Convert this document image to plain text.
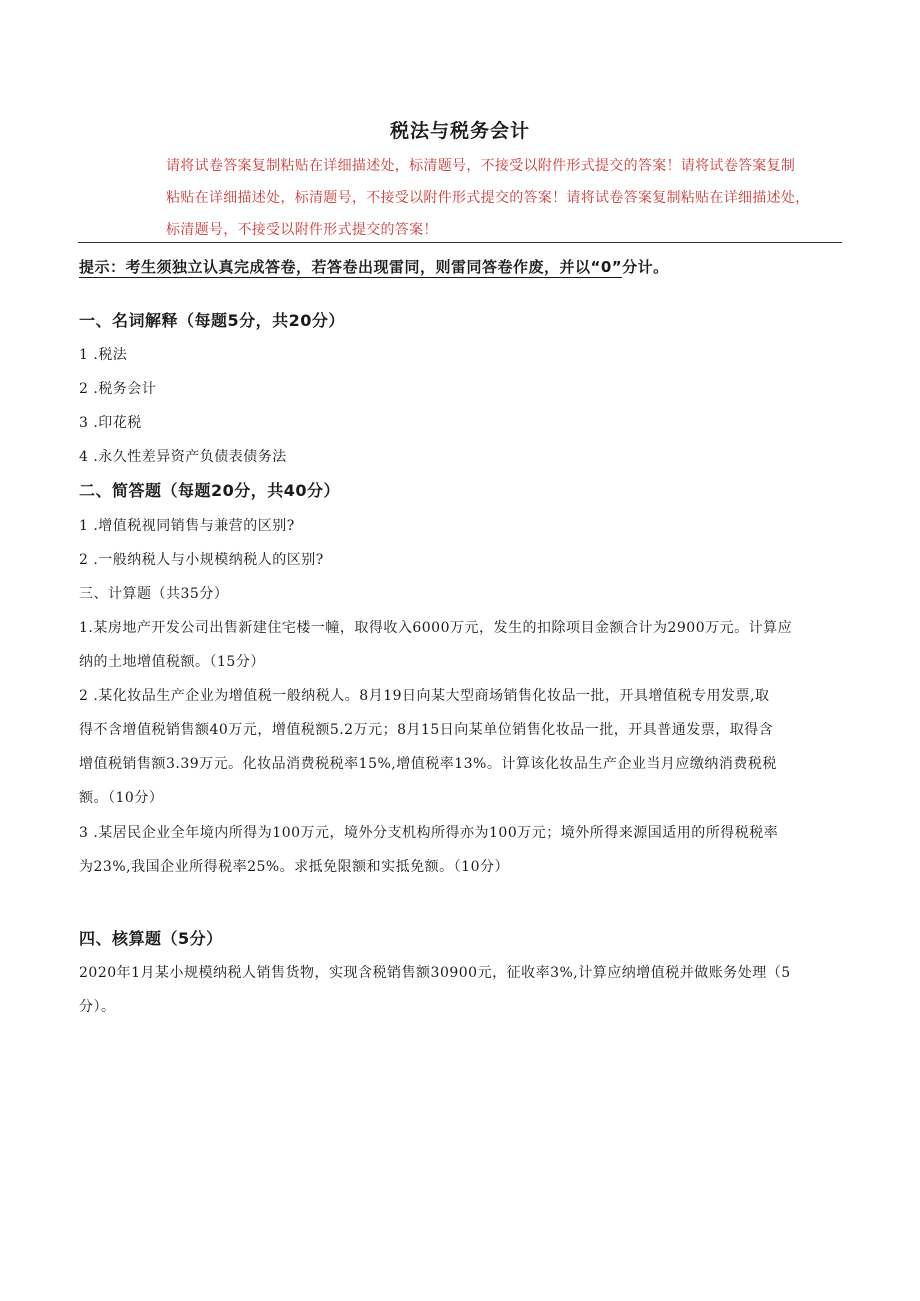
税法与税务会计

请将试卷答案复制粘贴在详细描述处，标清题号，不接受以附件形式提交的答案！请将试卷答案复制

粘贴在详细描述处，标清题号，不接受以附件形式提交的答案！请将试卷答案复制粘贴在详细描述处，

标清题号，不接受以附件形式提交的答案！

提示：考生须独立认真完成答卷，若答卷出现雷同，则雷同答卷作废，并以“0”分计。
一、名词解释（每题5分，共20分）
1 .税法
2 .税务会计
3 .印花税
4 .永久性差异资产负债表债务法
二、简答题（每题20分，共40分）
1 .增值税视同销售与兼营的区别?
2 .一般纳税人与小规模纳税人的区别?
三、计算题（共35分）
1.某房地产开发公司出售新建住宅楼一幢，取得收入6000万元，发生的扣除项目金额合计为2900万元。计算应
纳的土地增值税额。（15分）
2 .某化妆品生产企业为增值税一般纳税人。8月19日向某大型商场销售化妆品一批，开具增值税专用发票,取
得不含增值税销售额40万元，增值税额5.2万元；8月15日向某单位销售化妆品一批，开具普通发票，取得含
增值税销售额3.39万元。化妆品消费税税率15%,增值税率13%。计算该化妆品生产企业当月应缴纳消费税税
额。（10分）
3 .某居民企业全年境内所得为100万元，境外分支机构所得亦为100万元；境外所得来源国适用的所得税税率
为23%,我国企业所得税率25%。求抵免限额和实抵免额。（10分）
四、核算题（5分）
2020年1月某小规模纳税人销售货物，实现含税销售额30900元，征收率3%,计算应纳增值税并做账务处理（5
分）。
